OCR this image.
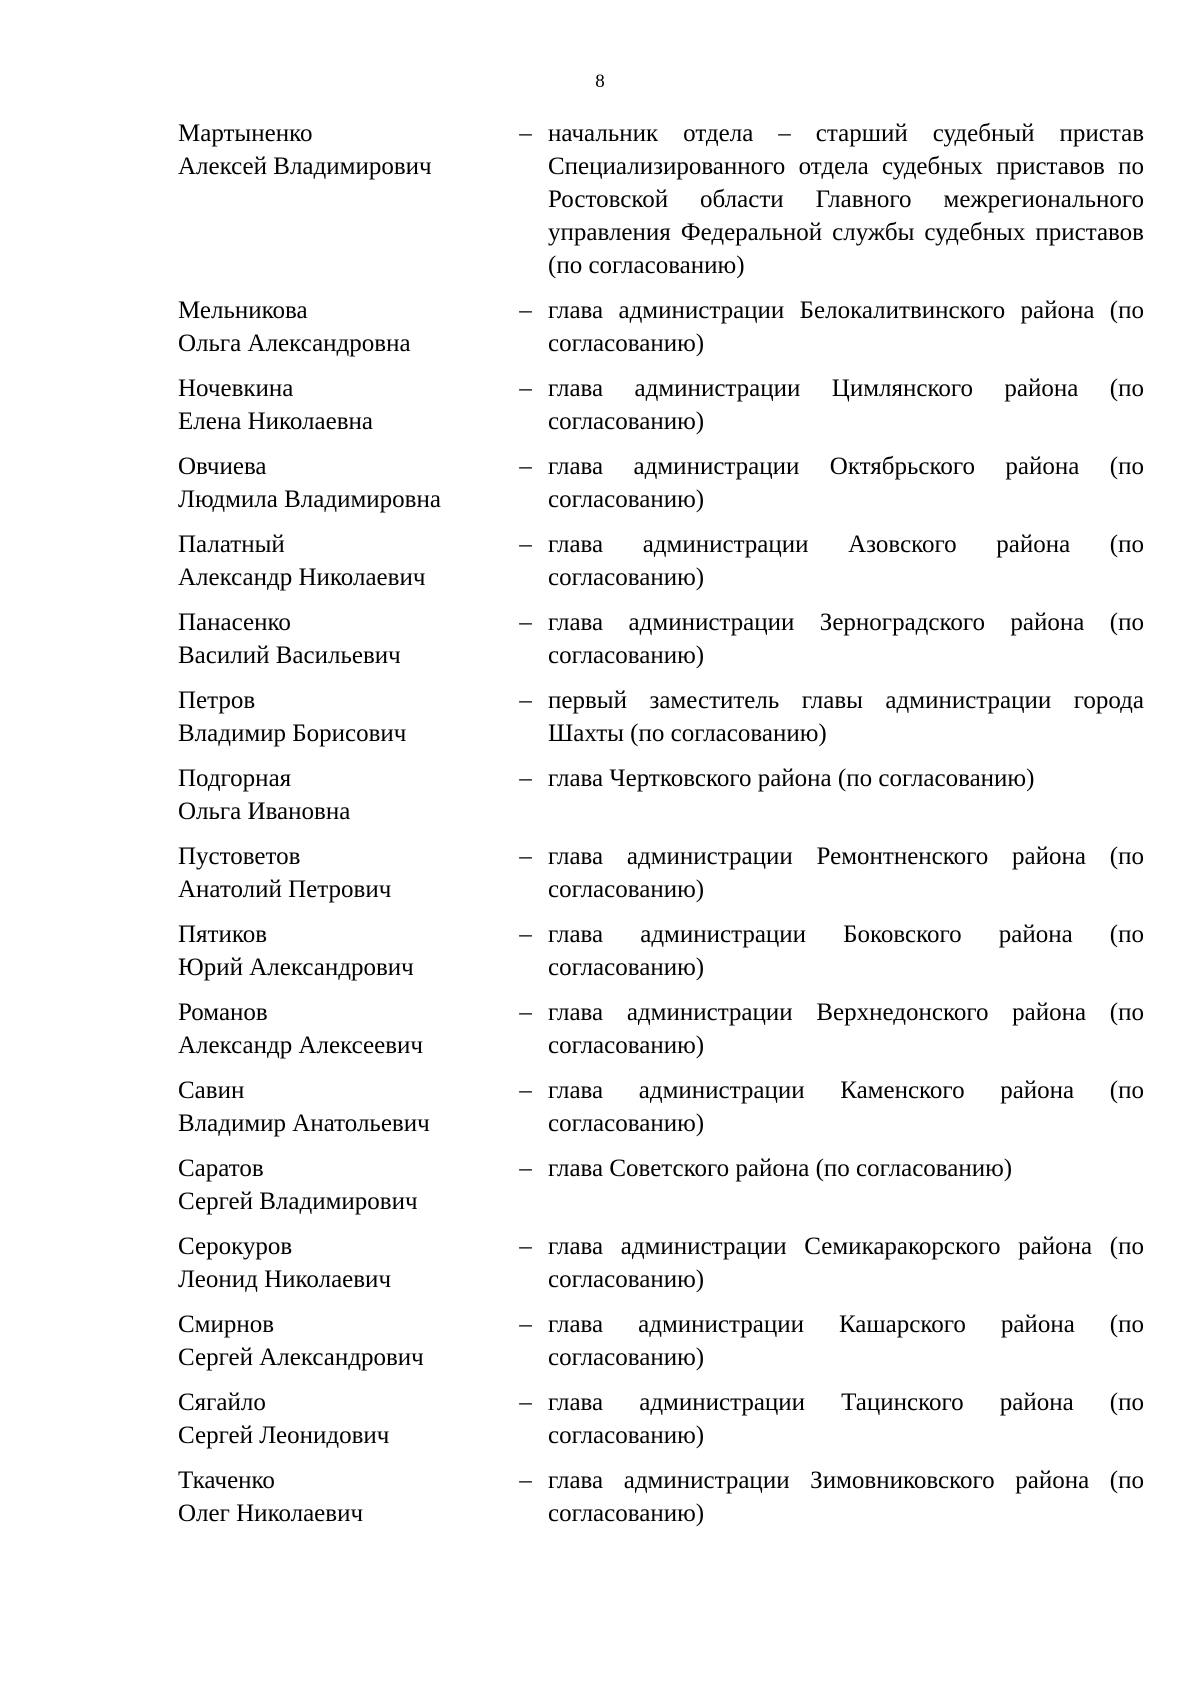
8
Мартыненко
Алексей Владимирович
– начальник отдела – старший судебный пристав Специализированного отдела судебных приставов по Ростовской области Главного межрегионального управления Федеральной службы судебных приставов (по согласованию)
Мельникова
Ольга Александровна
– глава администрации Белокалитвинского района (по согласованию)
Ночевкина
Елена Николаевна
– глава администрации Цимлянского района (по согласованию)
Овчиева
Людмила Владимировна
– глава администрации Октябрьского района (по согласованию)
Палатный
Александр Николаевич
– глава администрации Азовского района (по согласованию)
Панасенко
Василий Васильевич
– глава администрации Зерноградского района (по согласованию)
Петров
Владимир Борисович
– первый заместитель главы администрации города Шахты (по согласованию)
Подгорная
Ольга Ивановна
– глава Чертковского района (по согласованию)
Пустоветов
Анатолий Петрович
– глава администрации Ремонтненского района (по согласованию)
Пятиков
Юрий Александрович
– глава администрации Боковского района (по согласованию)
Романов
Александр Алексеевич
– глава администрации Верхнедонского района (по согласованию)
Савин
Владимир Анатольевич
– глава администрации Каменского района (по согласованию)
Саратов
Сергей Владимирович
– глава Советского района (по согласованию)
Серокуров
Леонид Николаевич
– глава администрации Семикаракорского района (по согласованию)
Смирнов
Сергей Александрович
– глава администрации Кашарского района (по согласованию)
Сягайло
Сергей Леонидович
– глава администрации Тацинского района (по согласованию)
Ткаченко
Олег Николаевич
– глава администрации Зимовниковского района (по согласованию)
